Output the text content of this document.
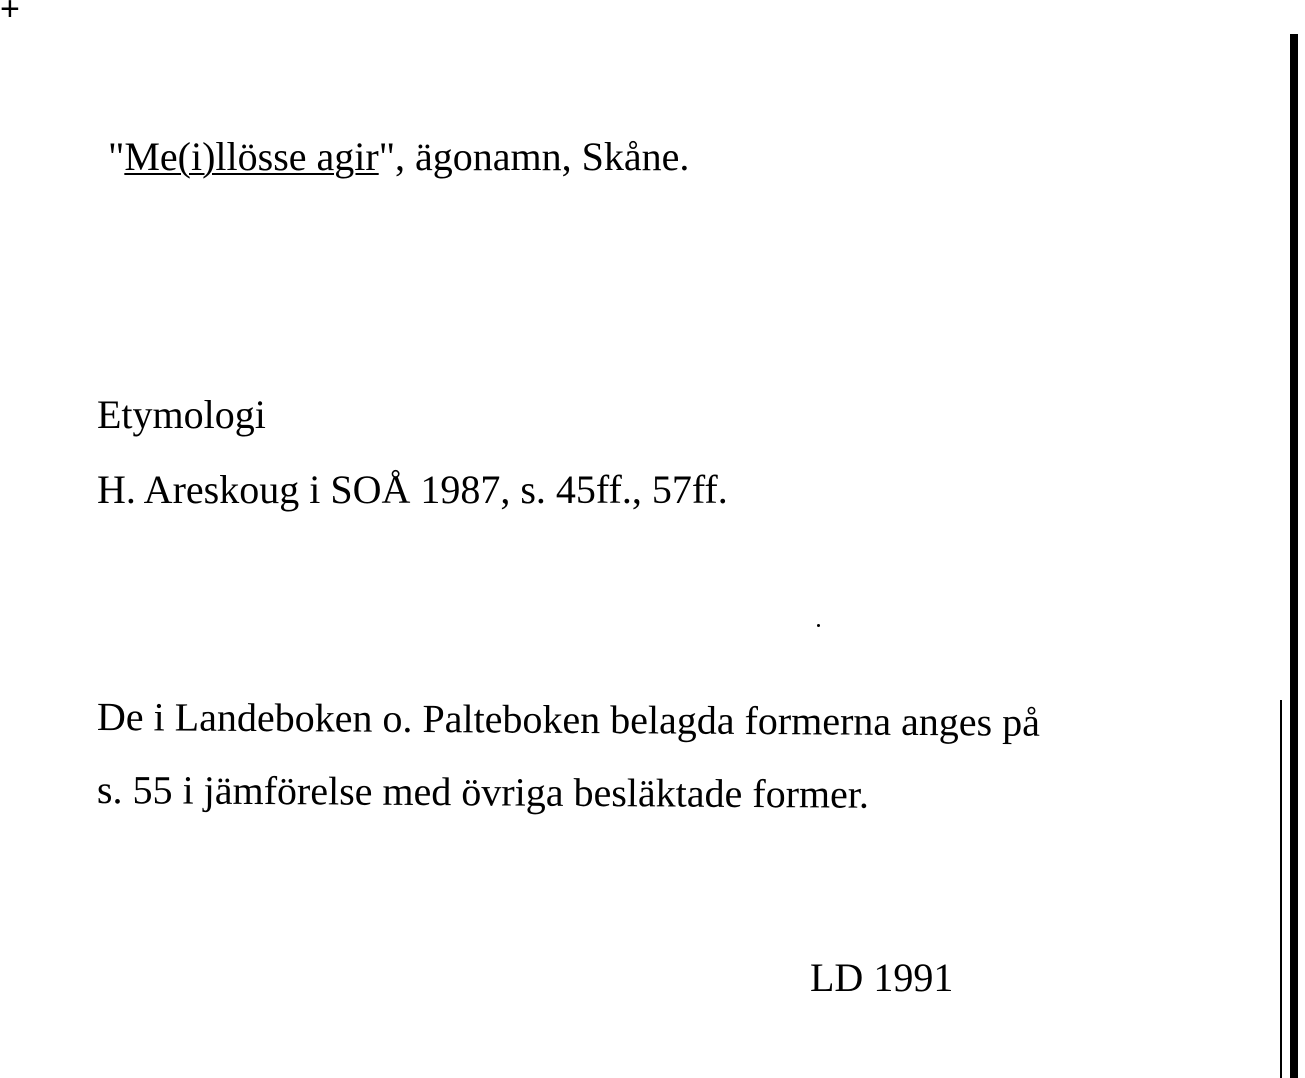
+
"Me(i)llösse agir", ägonamn, Skåne.
Etymologi
H. Areskoug i SOÅ 1987, s. 45ff., 57ff.
De i Landeboken o. Palteboken belagda formerna anges på
s. 55 i jämförelse med övriga besläktade former.
LD 1991
